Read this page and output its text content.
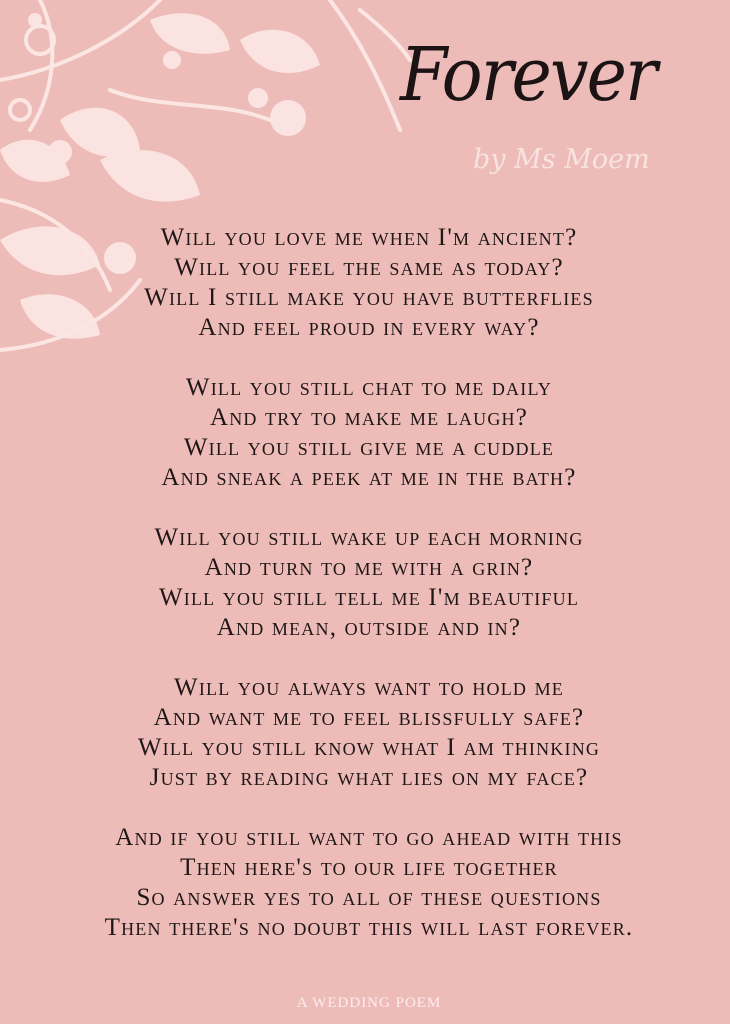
Forever
by Ms Moem
Will you love me when I'm ancient?
Will you feel the same as today?
Will I still make you have butterflies
And feel proud in every way?
Will you still chat to me daily
And try to make me laugh?
Will you still give me a cuddle
And sneak a peek at me in the bath?
Will you still wake up each morning
And turn to me with a grin?
Will you still tell me I'm beautiful
And mean, outside and in?
Will you always want to hold me
And want me to feel blissfully safe?
Will you still know what I am thinking
Just by reading what lies on my face?
And if you still want to go ahead with this
Then here's to our life together
So answer yes to all of these questions
Then there's no doubt this will last forever.
A WEDDING POEM
